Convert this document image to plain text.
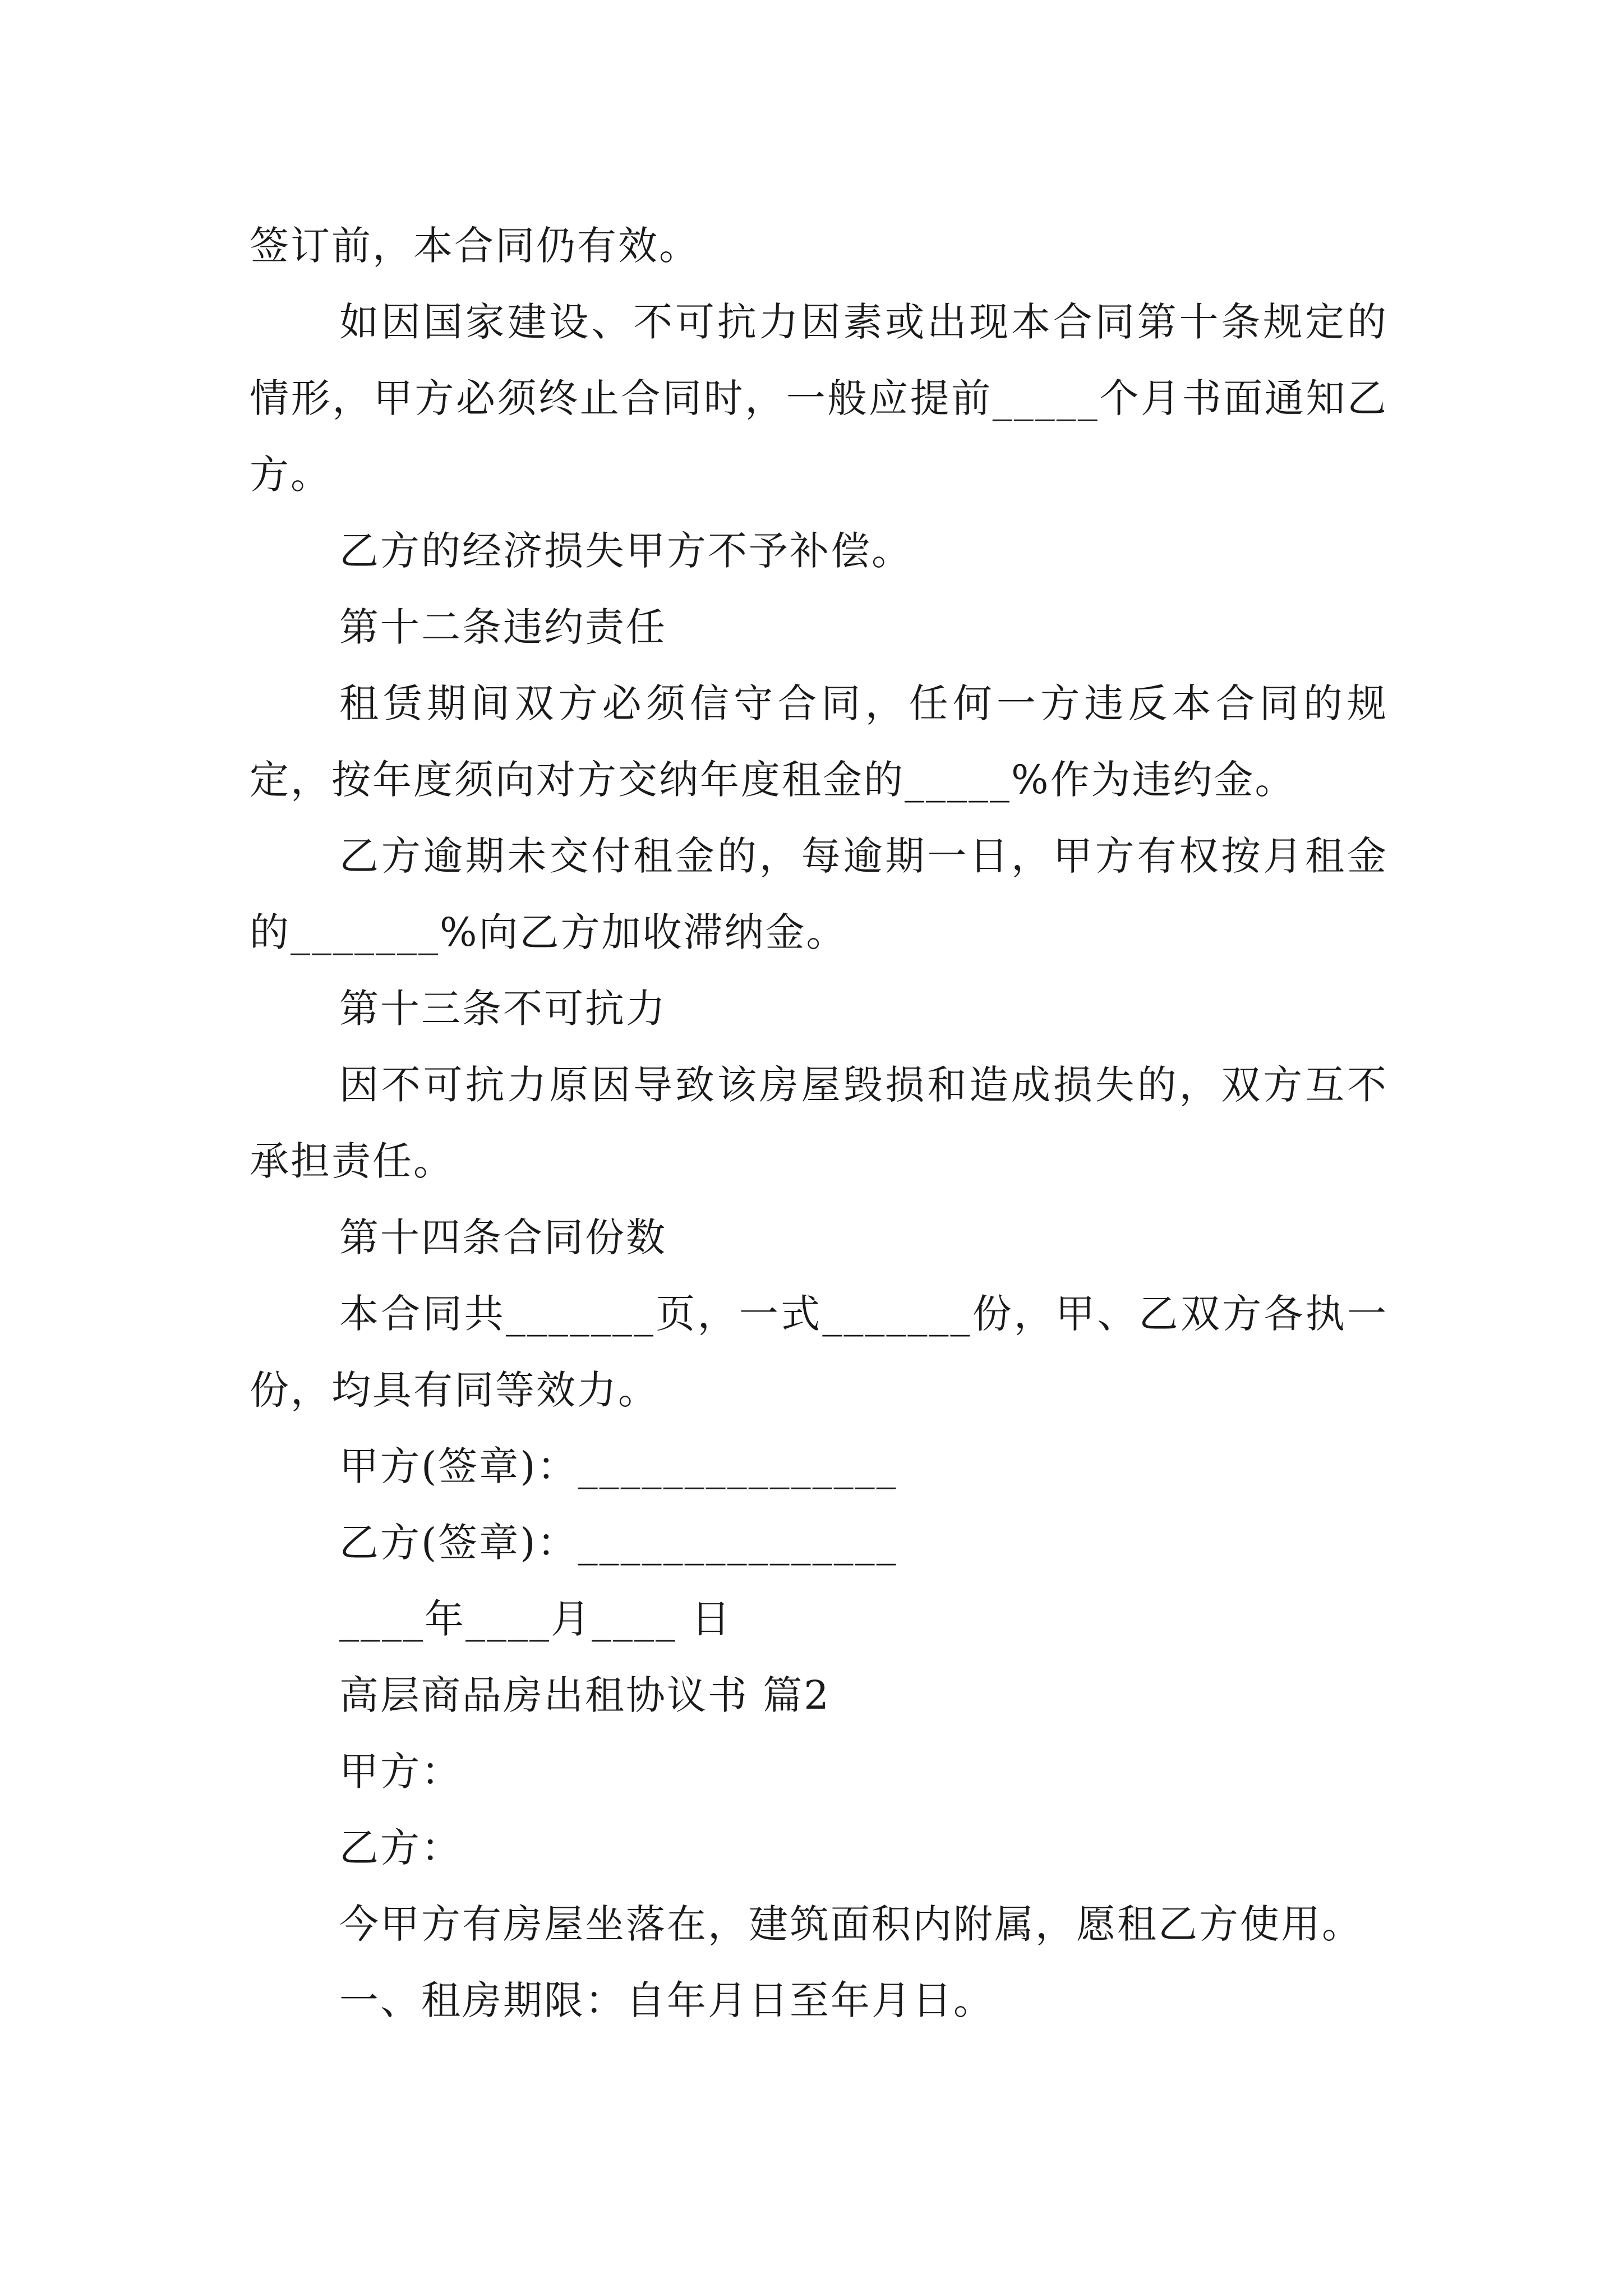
签订前，本合同仍有效。

如因国家建设、不可抗力因素或出现本合同第十条规定的情形，甲方必须终止合同时，一般应提前_____个月书面通知乙方。

乙方的经济损失甲方不予补偿。

第十二条违约责任

租赁期间双方必须信守合同，任何一方违反本合同的规定，按年度须向对方交纳年度租金的_____%作为违约金。

乙方逾期未交付租金的，每逾期一日，甲方有权按月租金的_______%向乙方加收滞纳金。

第十三条不可抗力

因不可抗力原因导致该房屋毁损和造成损失的，双方互不承担责任。

第十四条合同份数

本合同共_______页，一式_______份，甲、乙双方各执一份，均具有同等效力。

甲方(签章)：_______________

乙方(签章)：_______________

____年____月____ 日

高层商品房出租协议书 篇2

甲方：

乙方：

今甲方有房屋坐落在，建筑面积内附属，愿租乙方使用。

一、租房期限：自年月日至年月日。
